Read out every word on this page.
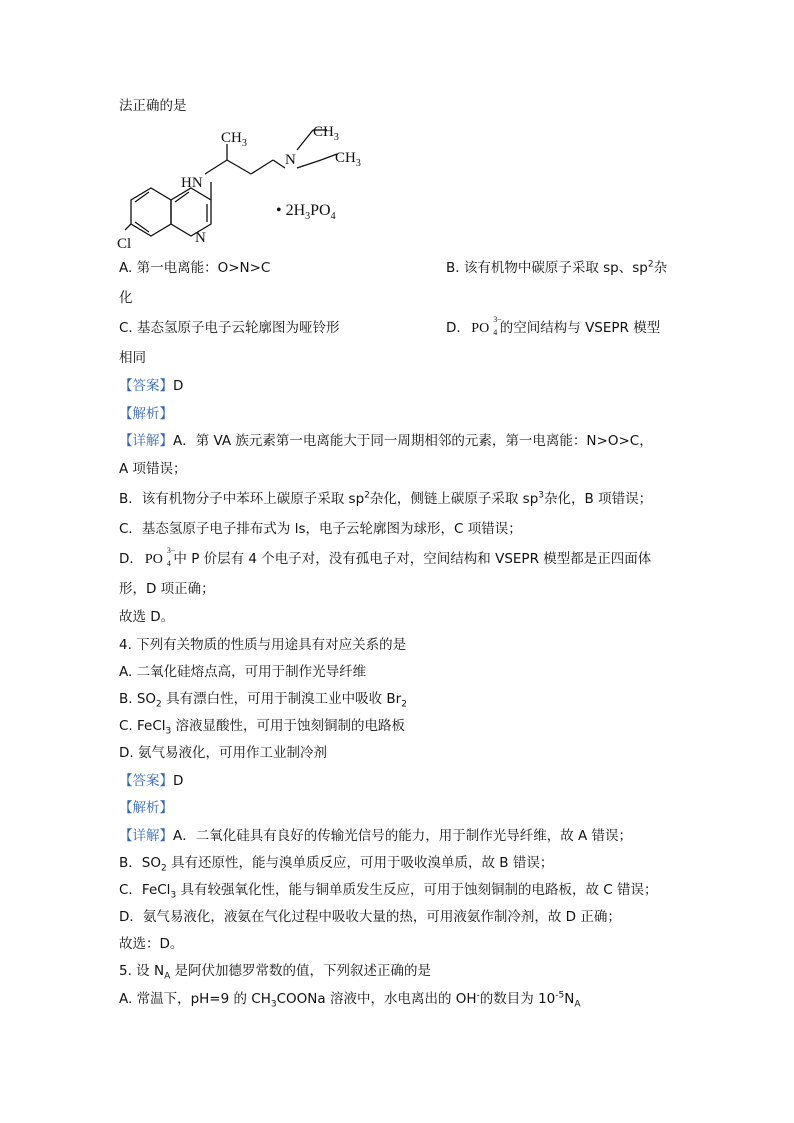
法正确的是
$CH_3$
$CH_3$
$CH_3$
N
HN
Cl	N
• $2H_3PO_4$
A. 第一电离能：O>N>C	B. 该有机物中碳原子采取 sp、$sp^2$杂
化
C. 基态氢原子电子云轮廓图为哑铃形	D. PO
3−
4 的空间结构与 VSEPR 模型
相同
【答案】D
【解析】
【详解】A．第 VA 族元素第一电离能大于同一周期相邻的元素，第一电离能：N>O>C，
A 项错误；
B．该有机物分子中苯环上碳原子采取 $sp^2$杂化，侧链上碳原子采取 $sp^3$杂化，B 项错误；
C．基态氢原子电子排布式为 ls，电子云轮廓图为球形，C 项错误；
D． PO
3−
4 中 P 价层有 4 个电子对，没有孤电子对，空间结构和 VSEPR 模型都是正四面体
形，D 项正确；
故选 D。
4. 下列有关物质的性质与用途具有对应关系的是
A. 二氧化硅熔点高，可用于制作光导纤维
B. $SO_2$ 具有漂白性，可用于制溴工业中吸收 $Br_2$
C. FeCl$_3$ 溶液显酸性，可用于蚀刻铜制的电路板
D. 氨气易液化，可用作工业制冷剂
【答案】D
【解析】
【详解】A．二氧化硅具有良好的传输光信号的能力，用于制作光导纤维，故 A 错误；
B．$SO_2$ 具有还原性，能与溴单质反应，可用于吸收溴单质，故 B 错误；
C．FeCl$_3$ 具有较强氧化性，能与铜单质发生反应，可用于蚀刻铜制的电路板，故 C 错误；
D．氨气易液化，液氨在气化过程中吸收大量的热，可用液氨作制冷剂，故 D 正确；
故选：D。
5. 设 $N_A$ 是阿伏加德罗常数的值，下列叙述正确的是
A. 常温下，pH=9 的 $CH_3COONa$ 溶液中，水电离出的 OH-的数目为 $10^{-5}N_A$
